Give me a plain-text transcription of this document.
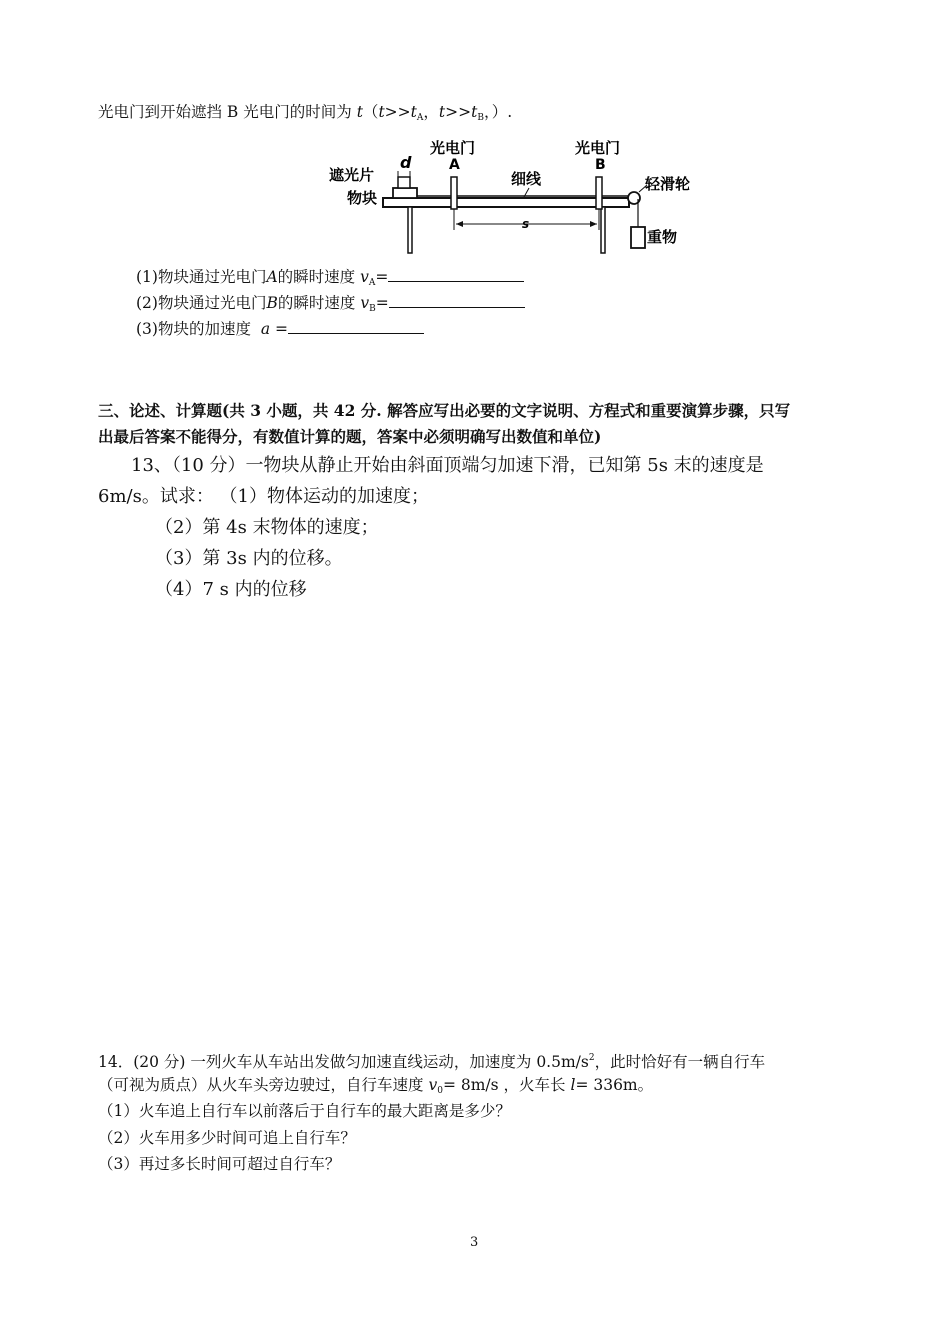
光电门到开始遮挡 B 光电门的时间为 $t(t>>t_A$，$t>>t_B$，）.
光电门
A
光电门
B
遮光片
d
物块
细线	轻滑轮
重物
s
(1)物块通过光电门A的瞬时速度 $v_A=$
(2)物块通过光电门B的瞬时速度 $v_B=$
(3)物块的加速度 a =
三、论述、计算题(共 3 小题，共 42 分. 解答应写出必要的文字说明、方程式和重要演算步骤，只写
出最后答案不能得分，有数值计算的题，答案中必须明确写出数值和单位)
13、（10 分）一物块从静止开始由斜面顶端匀加速下滑，已知第 5s 末的速度是
6m/s。试求： （1）物体运动的加速度；
（2）第 4s 末物体的速度；
（3）第 3s 内的位移。
（4）7 s 内的位移
14．(20 分) 一列火车从车站出发做匀加速直线运动，加速度为 $0.5m/s^2$，此时恰好有一辆自行车
（可视为质点）从火车头旁边驶过，自行车速度 $v_0= 8m/s$ ，火车长 l= 336m。
（1）火车追上自行车以前落后于自行车的最大距离是多少？
（2）火车用多少时间可追上自行车？
（3）再过多长时间可超过自行车？
3
